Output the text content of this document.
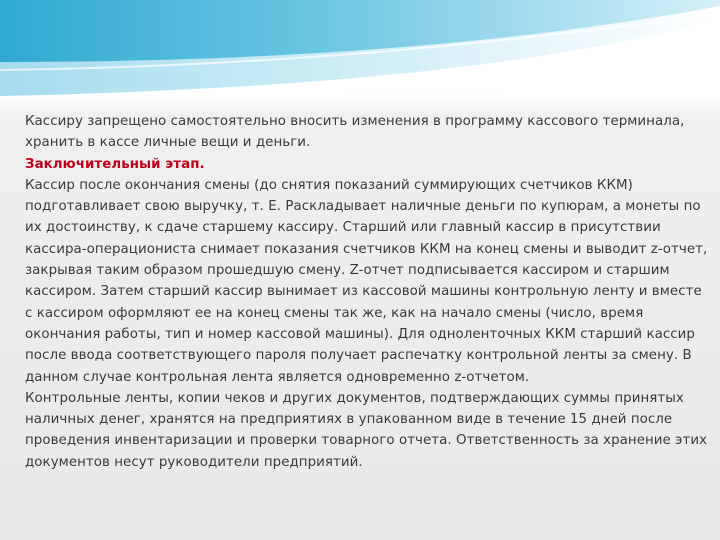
Кассиру запрещено самостоятельно вносить изменения в программу кассового терминала, хранить в кассе личные вещи и деньги.

Заключительный этап.

Кассир после окончания смены (до снятия показаний суммирующих счетчиков ККМ) подготавливает свою выручку, т. Е. Раскладывает наличные деньги по купюрам, а монеты по их достоинству, к сдаче старшему кассиру. Старший или главный кассир в присутствии кассира-операциониста снимает показания счетчиков ККМ на конец смены и выводит z-отчет, закрывая таким образом прошедшую смену. Z-отчет подписывается кассиром и старшим кассиром. Затем старший кассир вынимает из кассовой машины контрольную ленту и вместе с кассиром оформляют ее на конец смены так же, как на начало смены (число, время окончания работы, тип и номер кассовой машины). Для одноленточных ККМ старший кассир после ввода соответствующего пароля получает распечатку контрольной ленты за смену. В данном случае контрольная лента является одновременно z-отчетом.

Контрольные ленты, копии чеков и других документов, подтверждающих суммы принятых наличных денег, хранятся на предприятиях в упакованном виде в течение 15 дней после проведения инвентаризации и проверки товарного отчета. Ответственность за хранение этих документов несут руководители предприятий.
